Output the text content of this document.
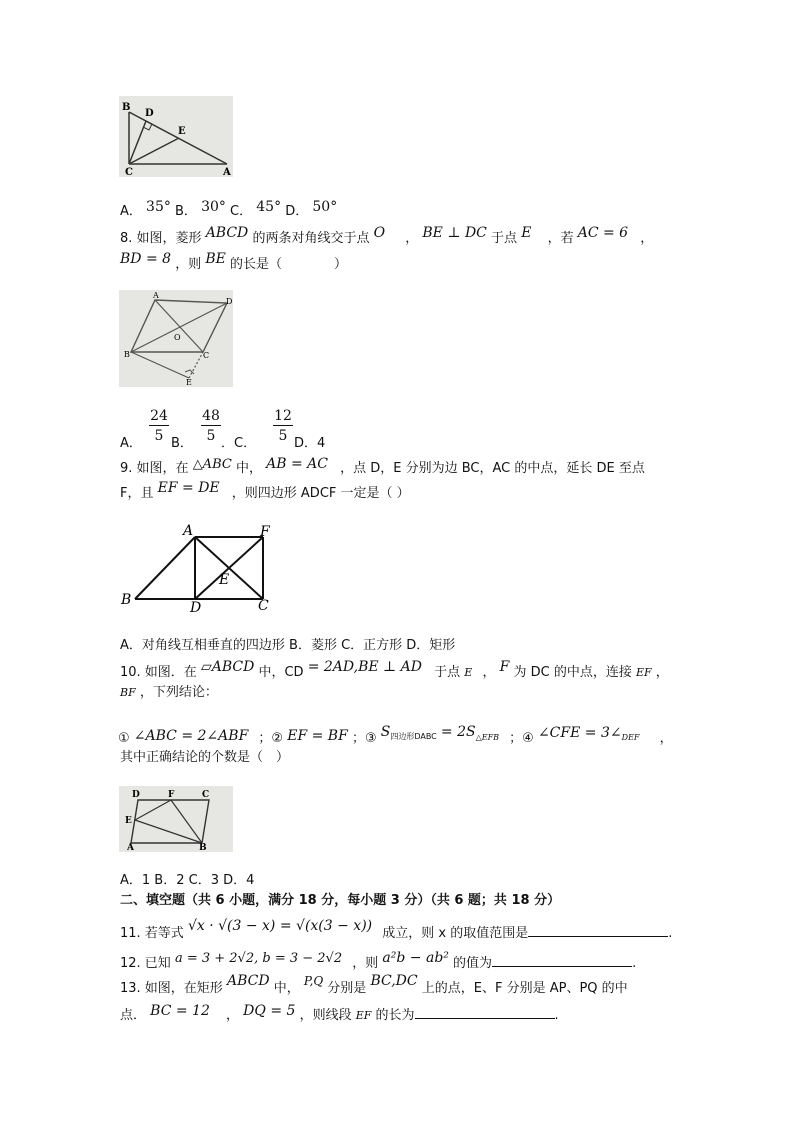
B
D
E
C	A
A． 35° B． 30° C． 45° D． 50°
8. 如图，菱形 ABCD 的两条对角线交于点 O ， BE ⊥ DC 于点 E ，若 AC = 6 ，
BD = 8 ，则 BE 的长是（　　　　）
A
D
O
B	C
E
A． $\frac{24}{5}$ B． $\frac{48}{5}$ ．C． $\frac{12}{5}$ D．4
9. 如图，在 △ABC 中， AB = AC ，点 D，E 分别为边 BC，AC 的中点，延长 DE 至点
F，且 EF = DE ，则四边形 ADCF 一定是（ ）
A	F
E
B	D	C
A．对角线互相垂直的四边形 B．菱形 C．正方形 D．矩形
10. 如图．在 ▱ABCD 中，CD = 2AD,BE ⊥ AD 于点 E ， F 为 DC 的中点，连接 EF ，
BF ，下列结论：
① ∠ABC = 2∠ABF ；② EF = BF ；③ $S^{四边形DABC}$ = 2S△EFB ；④ ∠CFE = 3∠DEF ，
其中正确结论的个数是（　）
D	F	C
E
A	B
A．1 B．2 C．3 D．4
二、填空题（共 6 小题，满分 18 分，每小题 3 分）（共 6 题；共 18 分）
11. 若等式 √x · √(3 − x) = √(x(3 − x)) 成立，则 x 的取值范围是	.
12. 已知 a = 3 + 2√2, b = 3 − 2√2 ，则 a²b − ab² 的值为	.
13. 如图，在矩形 ABCD 中， P,Q 分别是 BC,DC 上的点，E、F 分别是 AP、PQ 的中
点． BC = 12 ， DQ = 5 ，则线段 EF 的长为	.
